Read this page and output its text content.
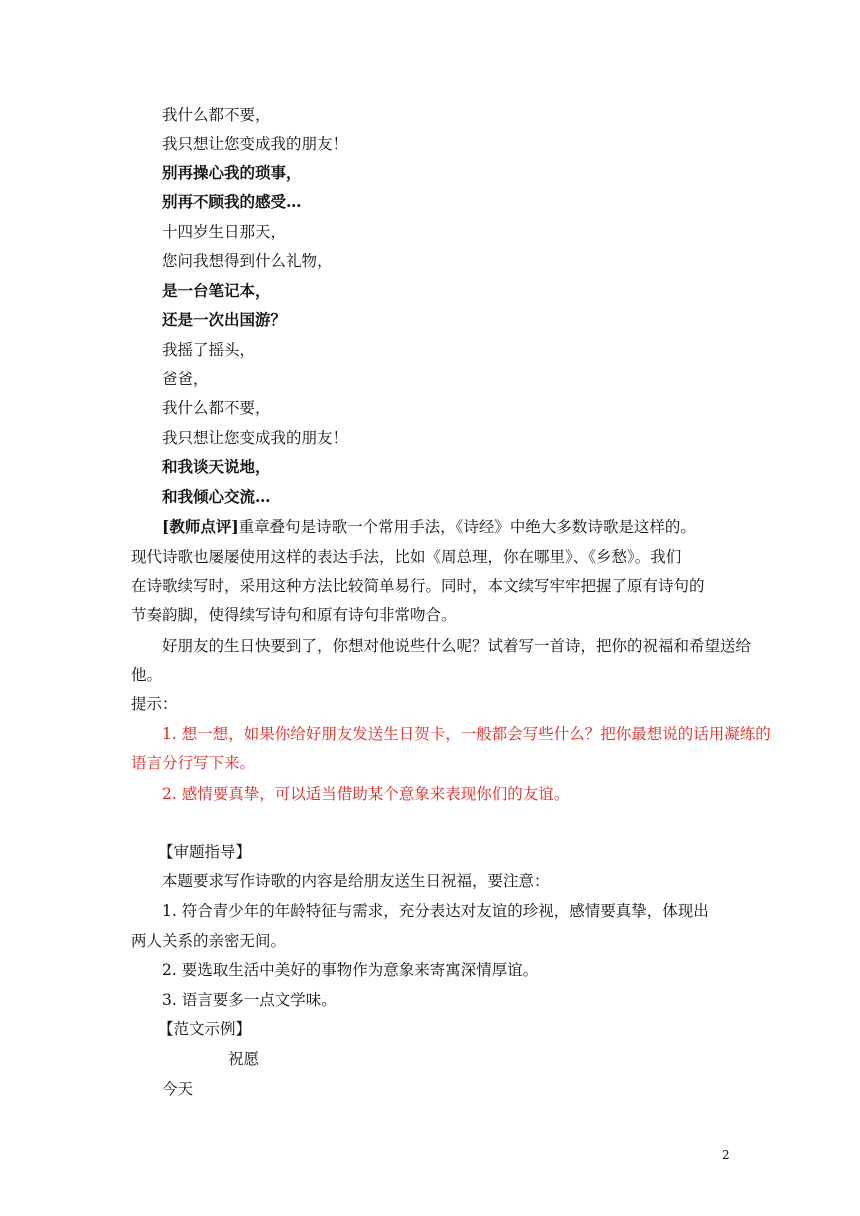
我什么都不要，
我只想让您变成我的朋友！
别再操心我的琐事，
别再不顾我的感受…
十四岁生日那天，
您问我想得到什么礼物，
是一台笔记本，
还是一次出国游？
我摇了摇头，
爸爸，
我什么都不要，
我只想让您变成我的朋友！
和我谈天说地，
和我倾心交流…
[教师点评]重章叠句是诗歌一个常用手法，《诗经》中绝大多数诗歌是这样的。
现代诗歌也屡屡使用这样的表达手法，比如《周总理，你在哪里》、《乡愁》。我们
在诗歌续写时，采用这种方法比较简单易行。同时，本文续写牢牢把握了原有诗句的
节奏韵脚，使得续写诗句和原有诗句非常吻合。
好朋友的生日快要到了，你想对他说些什么呢？试着写一首诗，把你的祝福和希望送给
他。
提示：
1. 想一想，如果你给好朋友发送生日贺卡，一般都会写些什么？把你最想说的话用凝练的
语言分行写下来。
2. 感情要真挚，可以适当借助某个意象来表现你们的友谊。
【审题指导】
本题要求写作诗歌的内容是给朋友送生日祝福，要注意：
1. 符合青少年的年龄特征与需求，充分表达对友谊的珍视，感情要真挚，体现出
两人关系的亲密无间。
2. 要选取生活中美好的事物作为意象来寄寓深情厚谊。
3. 语言要多一点文学味。
【范文示例】
祝愿
今天
2
